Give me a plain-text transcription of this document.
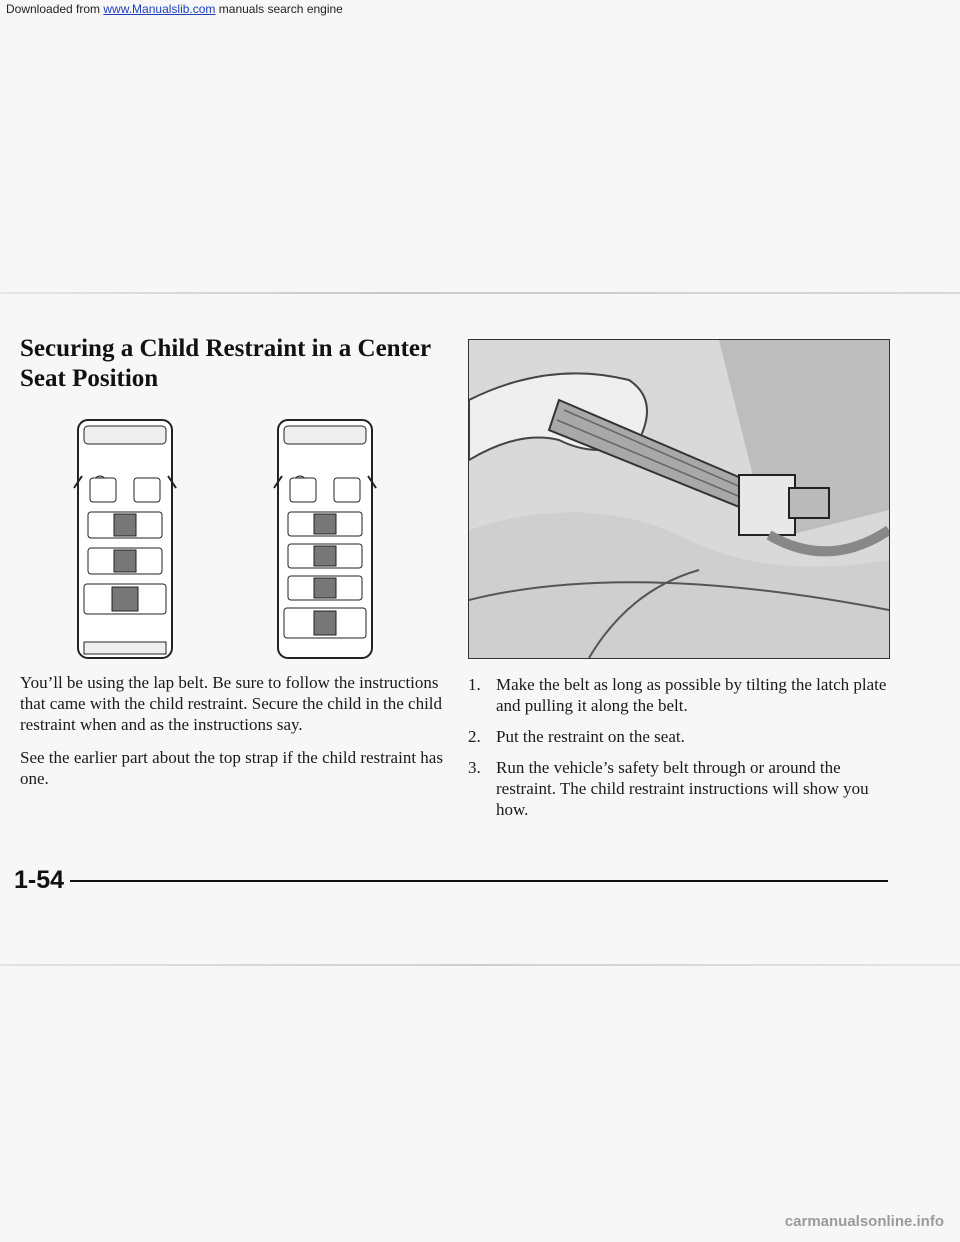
Downloaded from www.Manualslib.com manuals search engine
Securing a Child Restraint in a Center
Seat Position

You’ll be using the lap belt. Be sure to follow the instructions that came with the child restraint. Secure the child in the child restraint when and as the instructions say.

See the earlier part about the top strap if the child restraint has one.

1. Make the belt as long as possible by tilting the latch plate and pulling it along the belt.
2. Put the restraint on the seat.
3. Run the vehicle’s safety belt through or around the restraint. The child restraint instructions will show you how.
1-54
carmanualsonline.info
